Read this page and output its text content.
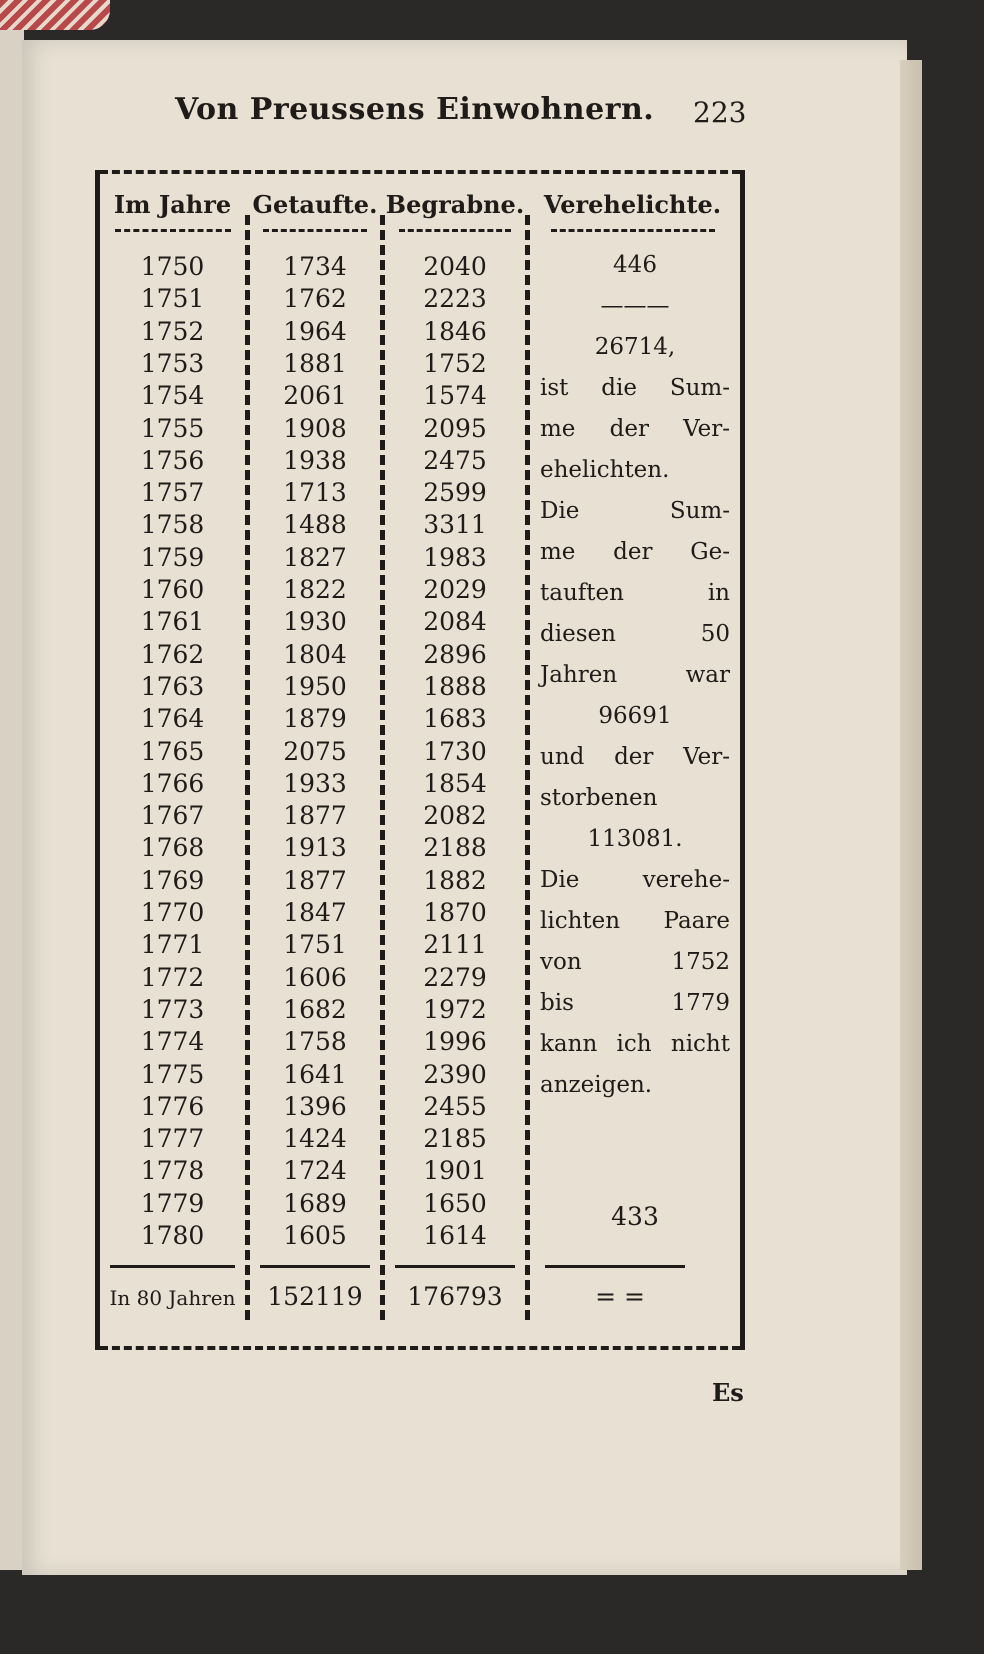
Von Preussens Einwohnern. 223
Im Jahre Getaufte. Begrabne. Verehelichte.
446
———
26714,
ist die Sum-
me der Ver-
ehelichten.
Die Sum-
me der Ge-
tauften in
diesen 50
Jahren war
96691
und der Ver-
storbenen
113081.
Die verehe-
lichten Paare
von 1752
bis 1779
kann ich nicht
anzeigen.
433
In 80 Jahren	152119	176793	= =
1750	1734	2040
1751	1762	2223
1752	1964	1846
1753	1881	1752
1754	2061	1574
1755	1908	2095
1756	1938	2475
1757	1713	2599
1758	1488	3311
1759	1827	1983
1760	1822	2029
1761	1930	2084
1762	1804	2896
1763	1950	1888
1764	1879	1683
1765	2075	1730
1766	1933	1854
1767	1877	2082
1768	1913	2188
1769	1877	1882
1770	1847	1870
1771	1751	2111
1772	1606	2279
1773	1682	1972
1774	1758	1996
1775	1641	2390
1776	1396	2455
1777	1424	2185
1778	1724	1901
1779	1689	1650
1780	1605	1614
Es
